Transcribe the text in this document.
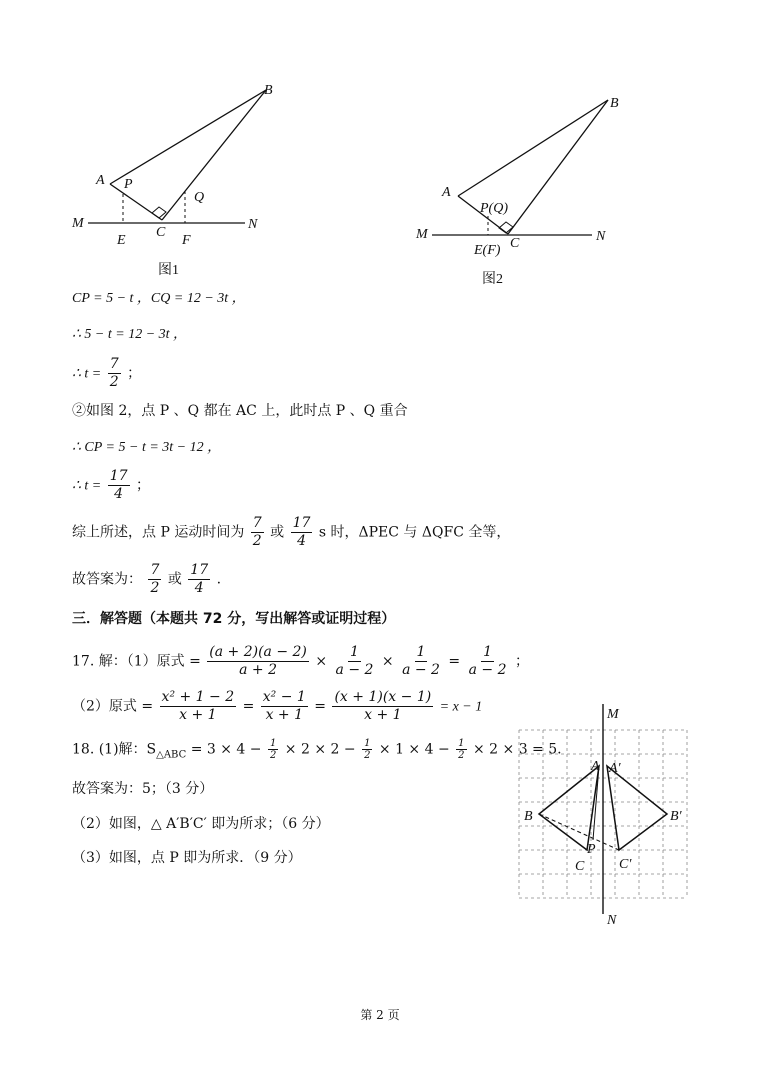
A
B
P
Q
C
E	F
M	N
图1
A
B
P(Q)
C
E(F)
M	N
图2
CP = 5 − t ，CQ = 12 − 3t ，
∴ 5 − t = 12 − 3t ，
∴ $t = \frac{7}{2}$ ；
②如图 2，点 P 、Q 都在 AC 上，此时点 P 、Q 重合
∴ CP = 5 − t = 3t − 12 ，
∴ $t = \frac{17}{4}$ ；
综上所述，点 P 运动时间为 $\frac{7}{2}$ 或 $\frac{17}{4}$ s 时，ΔPEC 与 ΔQFC 全等，
故答案为： $\frac{7}{2}$ 或 $\frac{17}{4}$ .
三．解答题（本题共 72 分，写出解答或证明过程）
17. 解：（1）原式 = $\frac{(a + 2)(a - 2)}{a + 2} \times \frac{1}{a - 2} \times \frac{1}{a - 2} = \frac{1}{a - 2}$ ；
（2）原式 = $\frac{\text{x² + 1 − 2}}{x + 1} = \frac{\text{x² − 1}}{x + 1} = \frac{(x + 1)(x - 1)}{x + 1} = x - 1$
18. (1)解：$S_{\triangle ABC} = 3 \times 4 - \frac{1}{2} \times 2 \times 2 - \frac{1}{2} \times 1 \times 4 - \frac{1}{2} \times 2 \times 3 = 5$.
故答案为：5；（3 分）
（2）如图，△ A′B′C′ 即为所求；（6 分）
（3）如图，点 P 即为所求．（9 分）
M
N
A A′
B	B′
C C′
P
第 2 页
